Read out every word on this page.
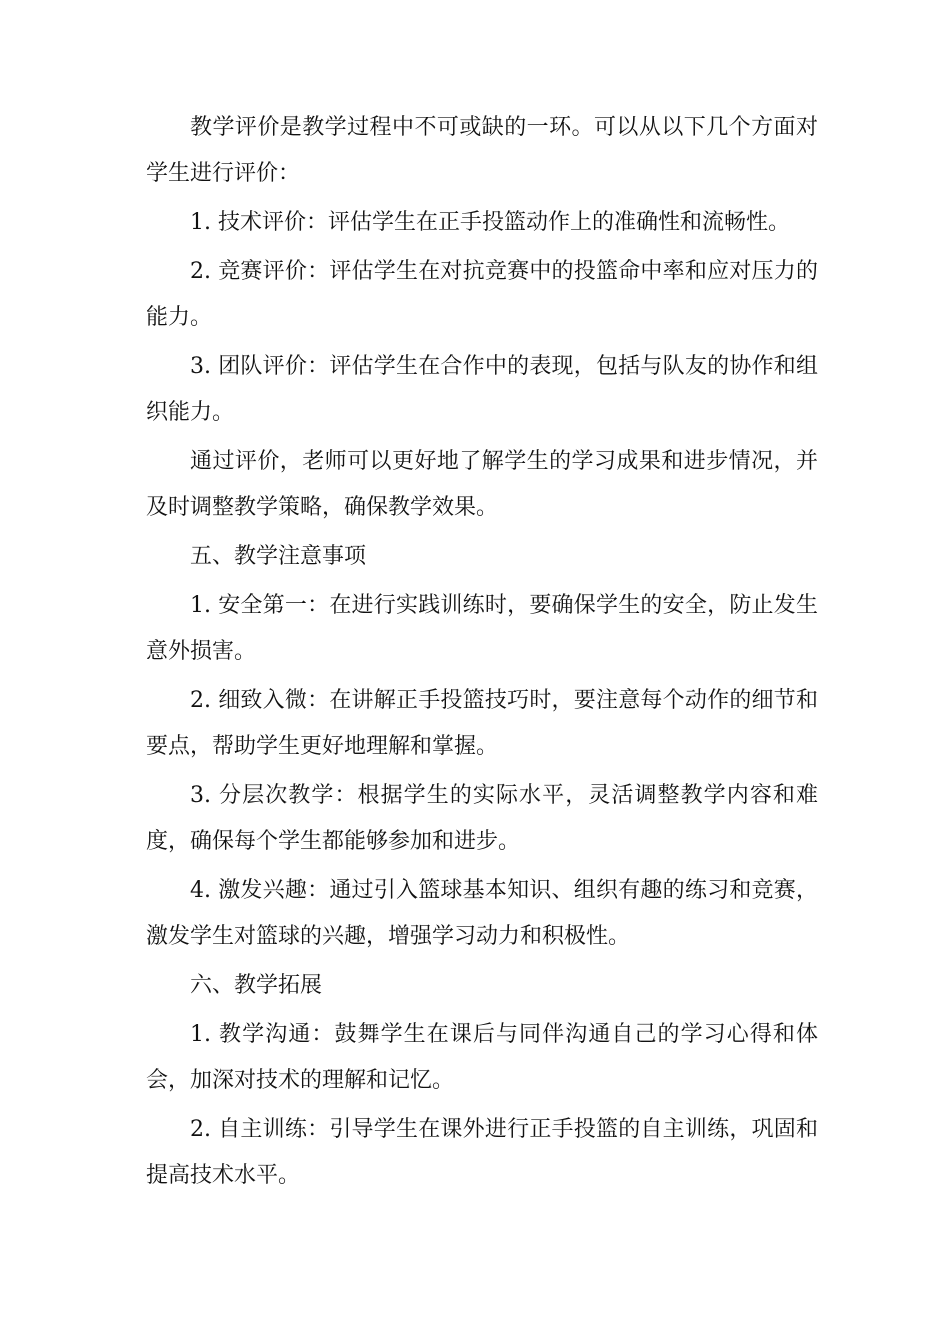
教学评价是教学过程中不可或缺的一环。可以从以下几个方面对学生进行评价：

1. 技术评价：评估学生在正手投篮动作上的准确性和流畅性。

2. 竞赛评价：评估学生在对抗竞赛中的投篮命中率和应对压力的能力。

3. 团队评价：评估学生在合作中的表现，包括与队友的协作和组织能力。

通过评价，老师可以更好地了解学生的学习成果和进步情况，并及时调整教学策略，确保教学效果。

五、教学注意事项

1. 安全第一：在进行实践训练时，要确保学生的安全，防止发生意外损害。

2. 细致入微：在讲解正手投篮技巧时，要注意每个动作的细节和要点，帮助学生更好地理解和掌握。

3. 分层次教学：根据学生的实际水平，灵活调整教学内容和难度，确保每个学生都能够参加和进步。

4. 激发兴趣：通过引入篮球基本知识、组织有趣的练习和竞赛，激发学生对篮球的兴趣，增强学习动力和积极性。

六、教学拓展

1. 教学沟通：鼓舞学生在课后与同伴沟通自己的学习心得和体会，加深对技术的理解和记忆。

2. 自主训练：引导学生在课外进行正手投篮的自主训练，巩固和提高技术水平。
